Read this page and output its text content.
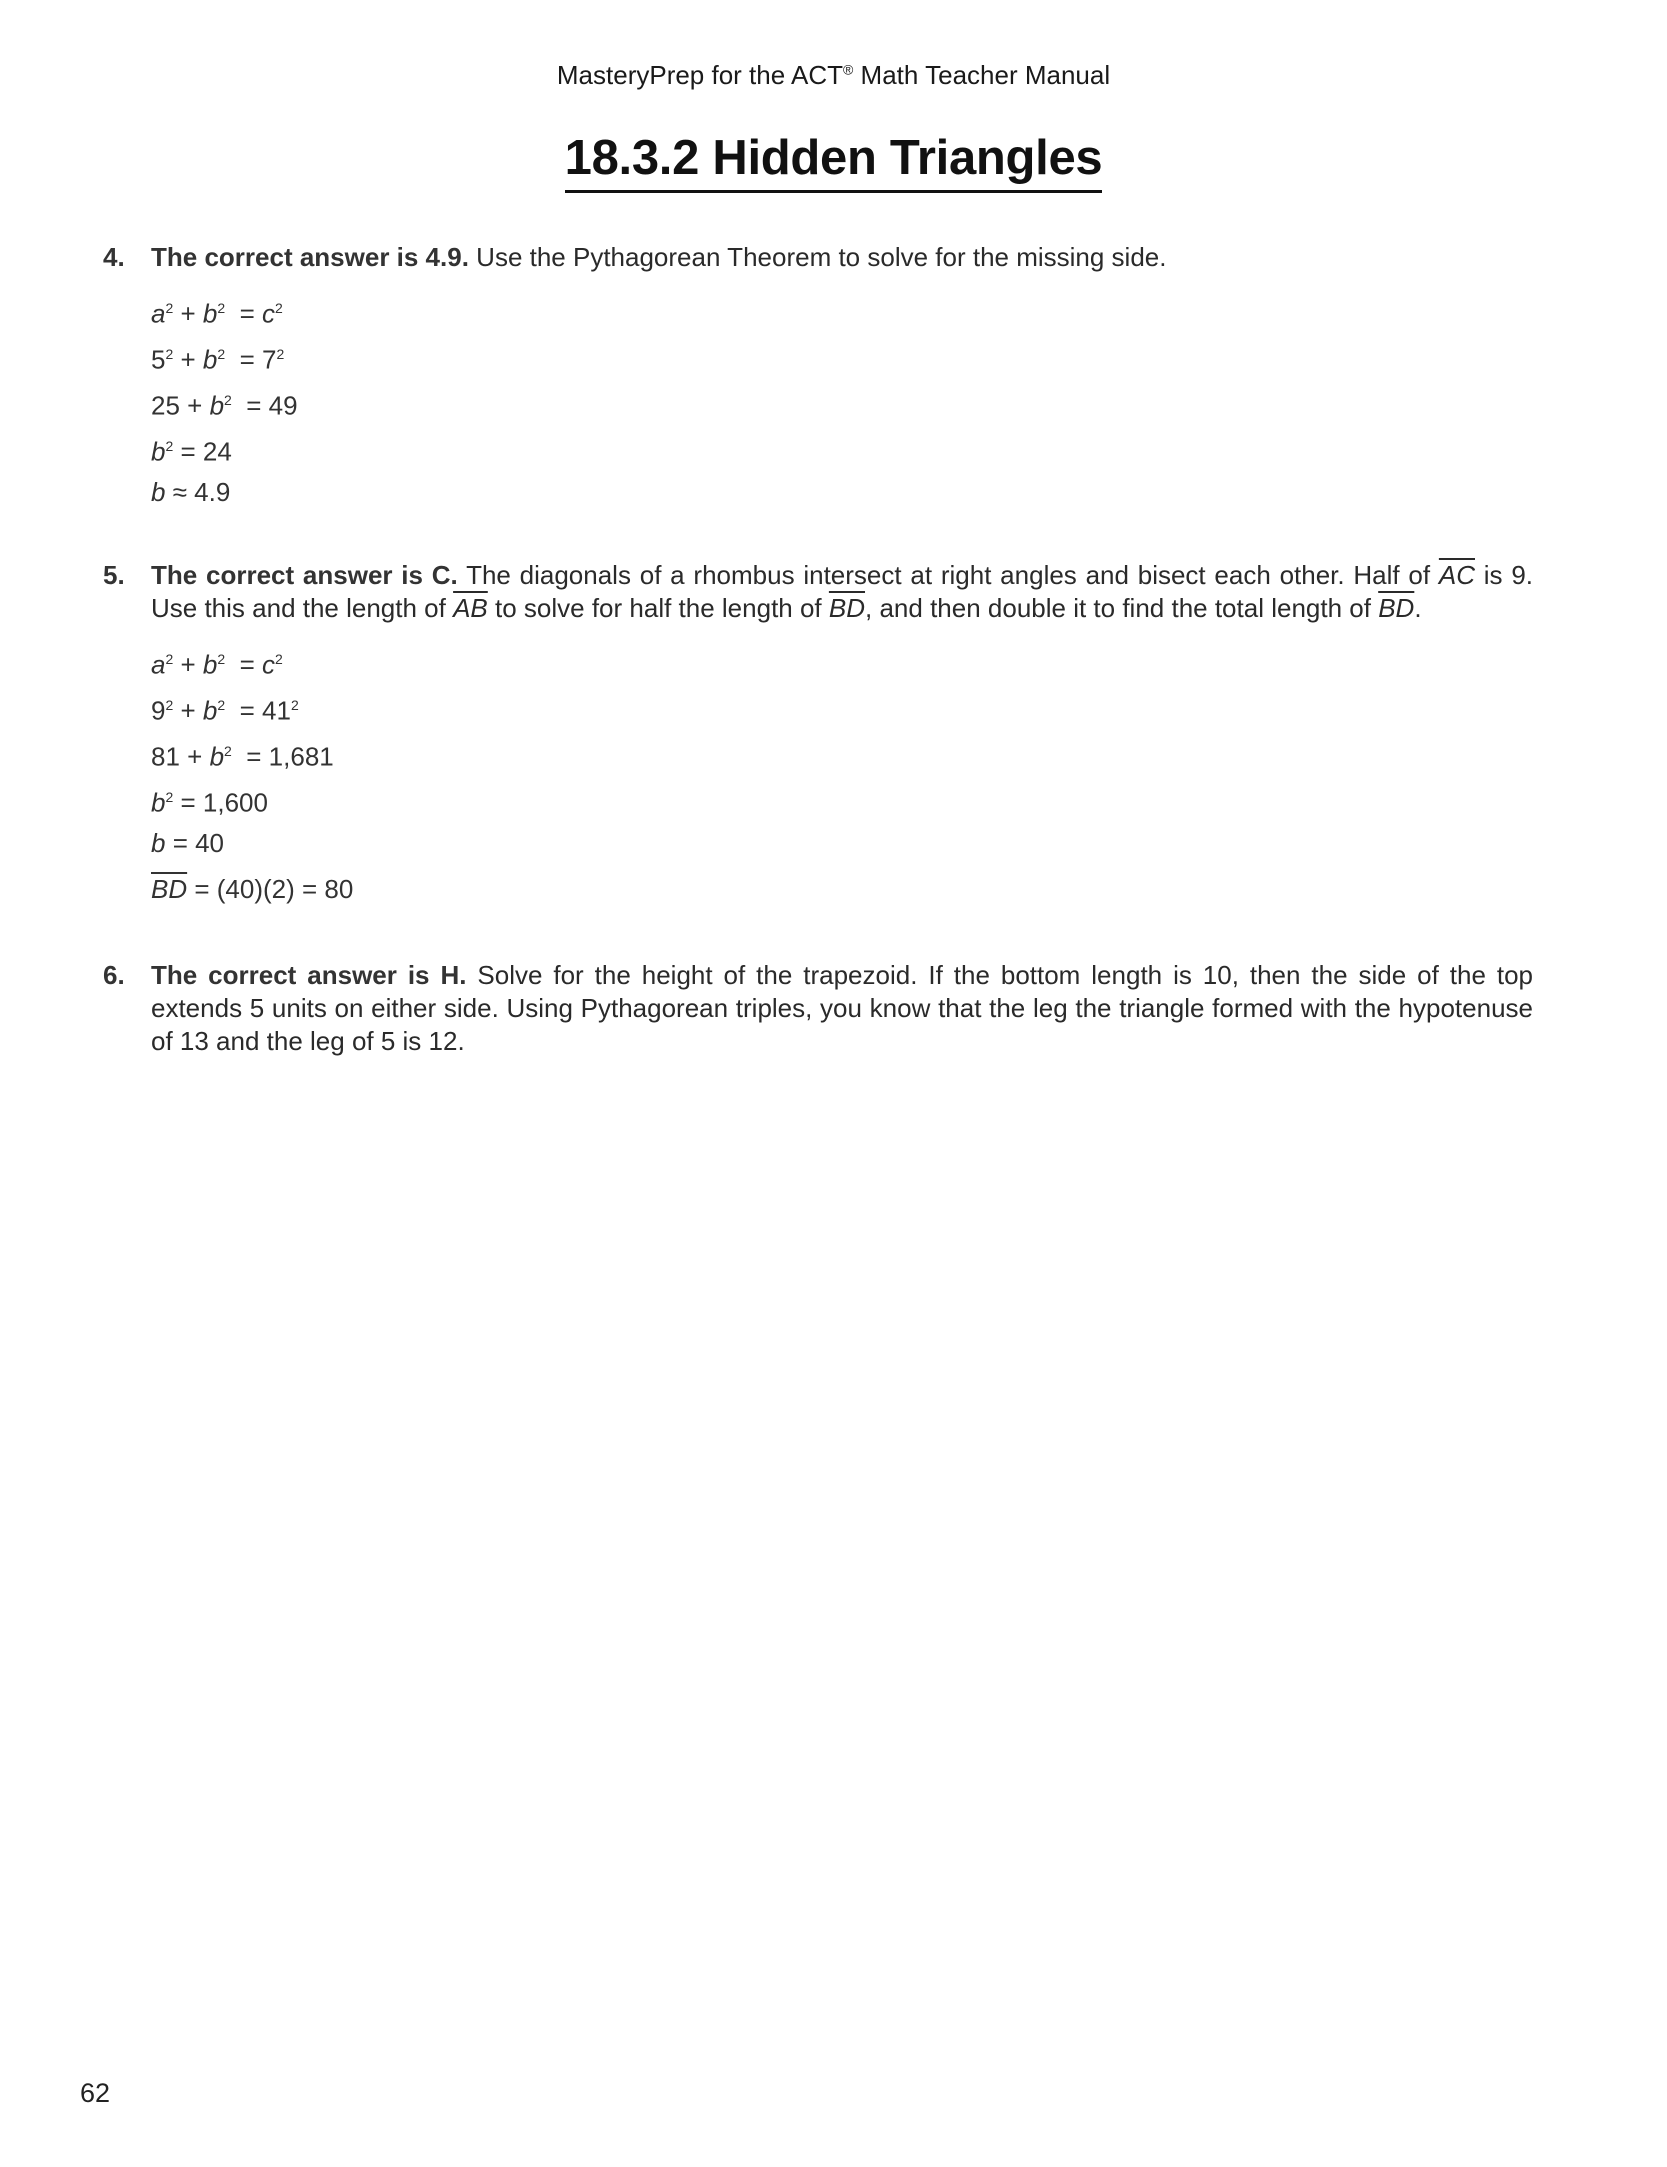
MasteryPrep for the ACT® Math Teacher Manual
18.3.2 Hidden Triangles
4. The correct answer is 4.9. Use the Pythagorean Theorem to solve for the missing side.
$a^2 + b^2 = c^2$
$5^2 + b^2 = 7^2$
$25 + b^2 = 49$
$b^2 = 24$
b ≈ 4.9
5. The correct answer is C. The diagonals of a rhombus intersect at right angles and bisect each other. Half of $\overline{AC}$ is 9. Use this and the length of $\overline{AB}$ to solve for half the length of $\overline{BD}$, and then double it to find the total length of $\overline{BD}$.
$a^2 + b^2 = c^2$
$9^2 + b^2 = 41^2$
$81 + b^2 = 1,681$
$b^2 = 1,600$
b = 40
$\overline{BD} = (40)(2) = 80$
6. The correct answer is H. Solve for the height of the trapezoid. If the bottom length is 10, then the side of the top extends 5 units on either side. Using Pythagorean triples, you know that the leg the triangle formed with the hypotenuse of 13 and the leg of 5 is 12.
62
